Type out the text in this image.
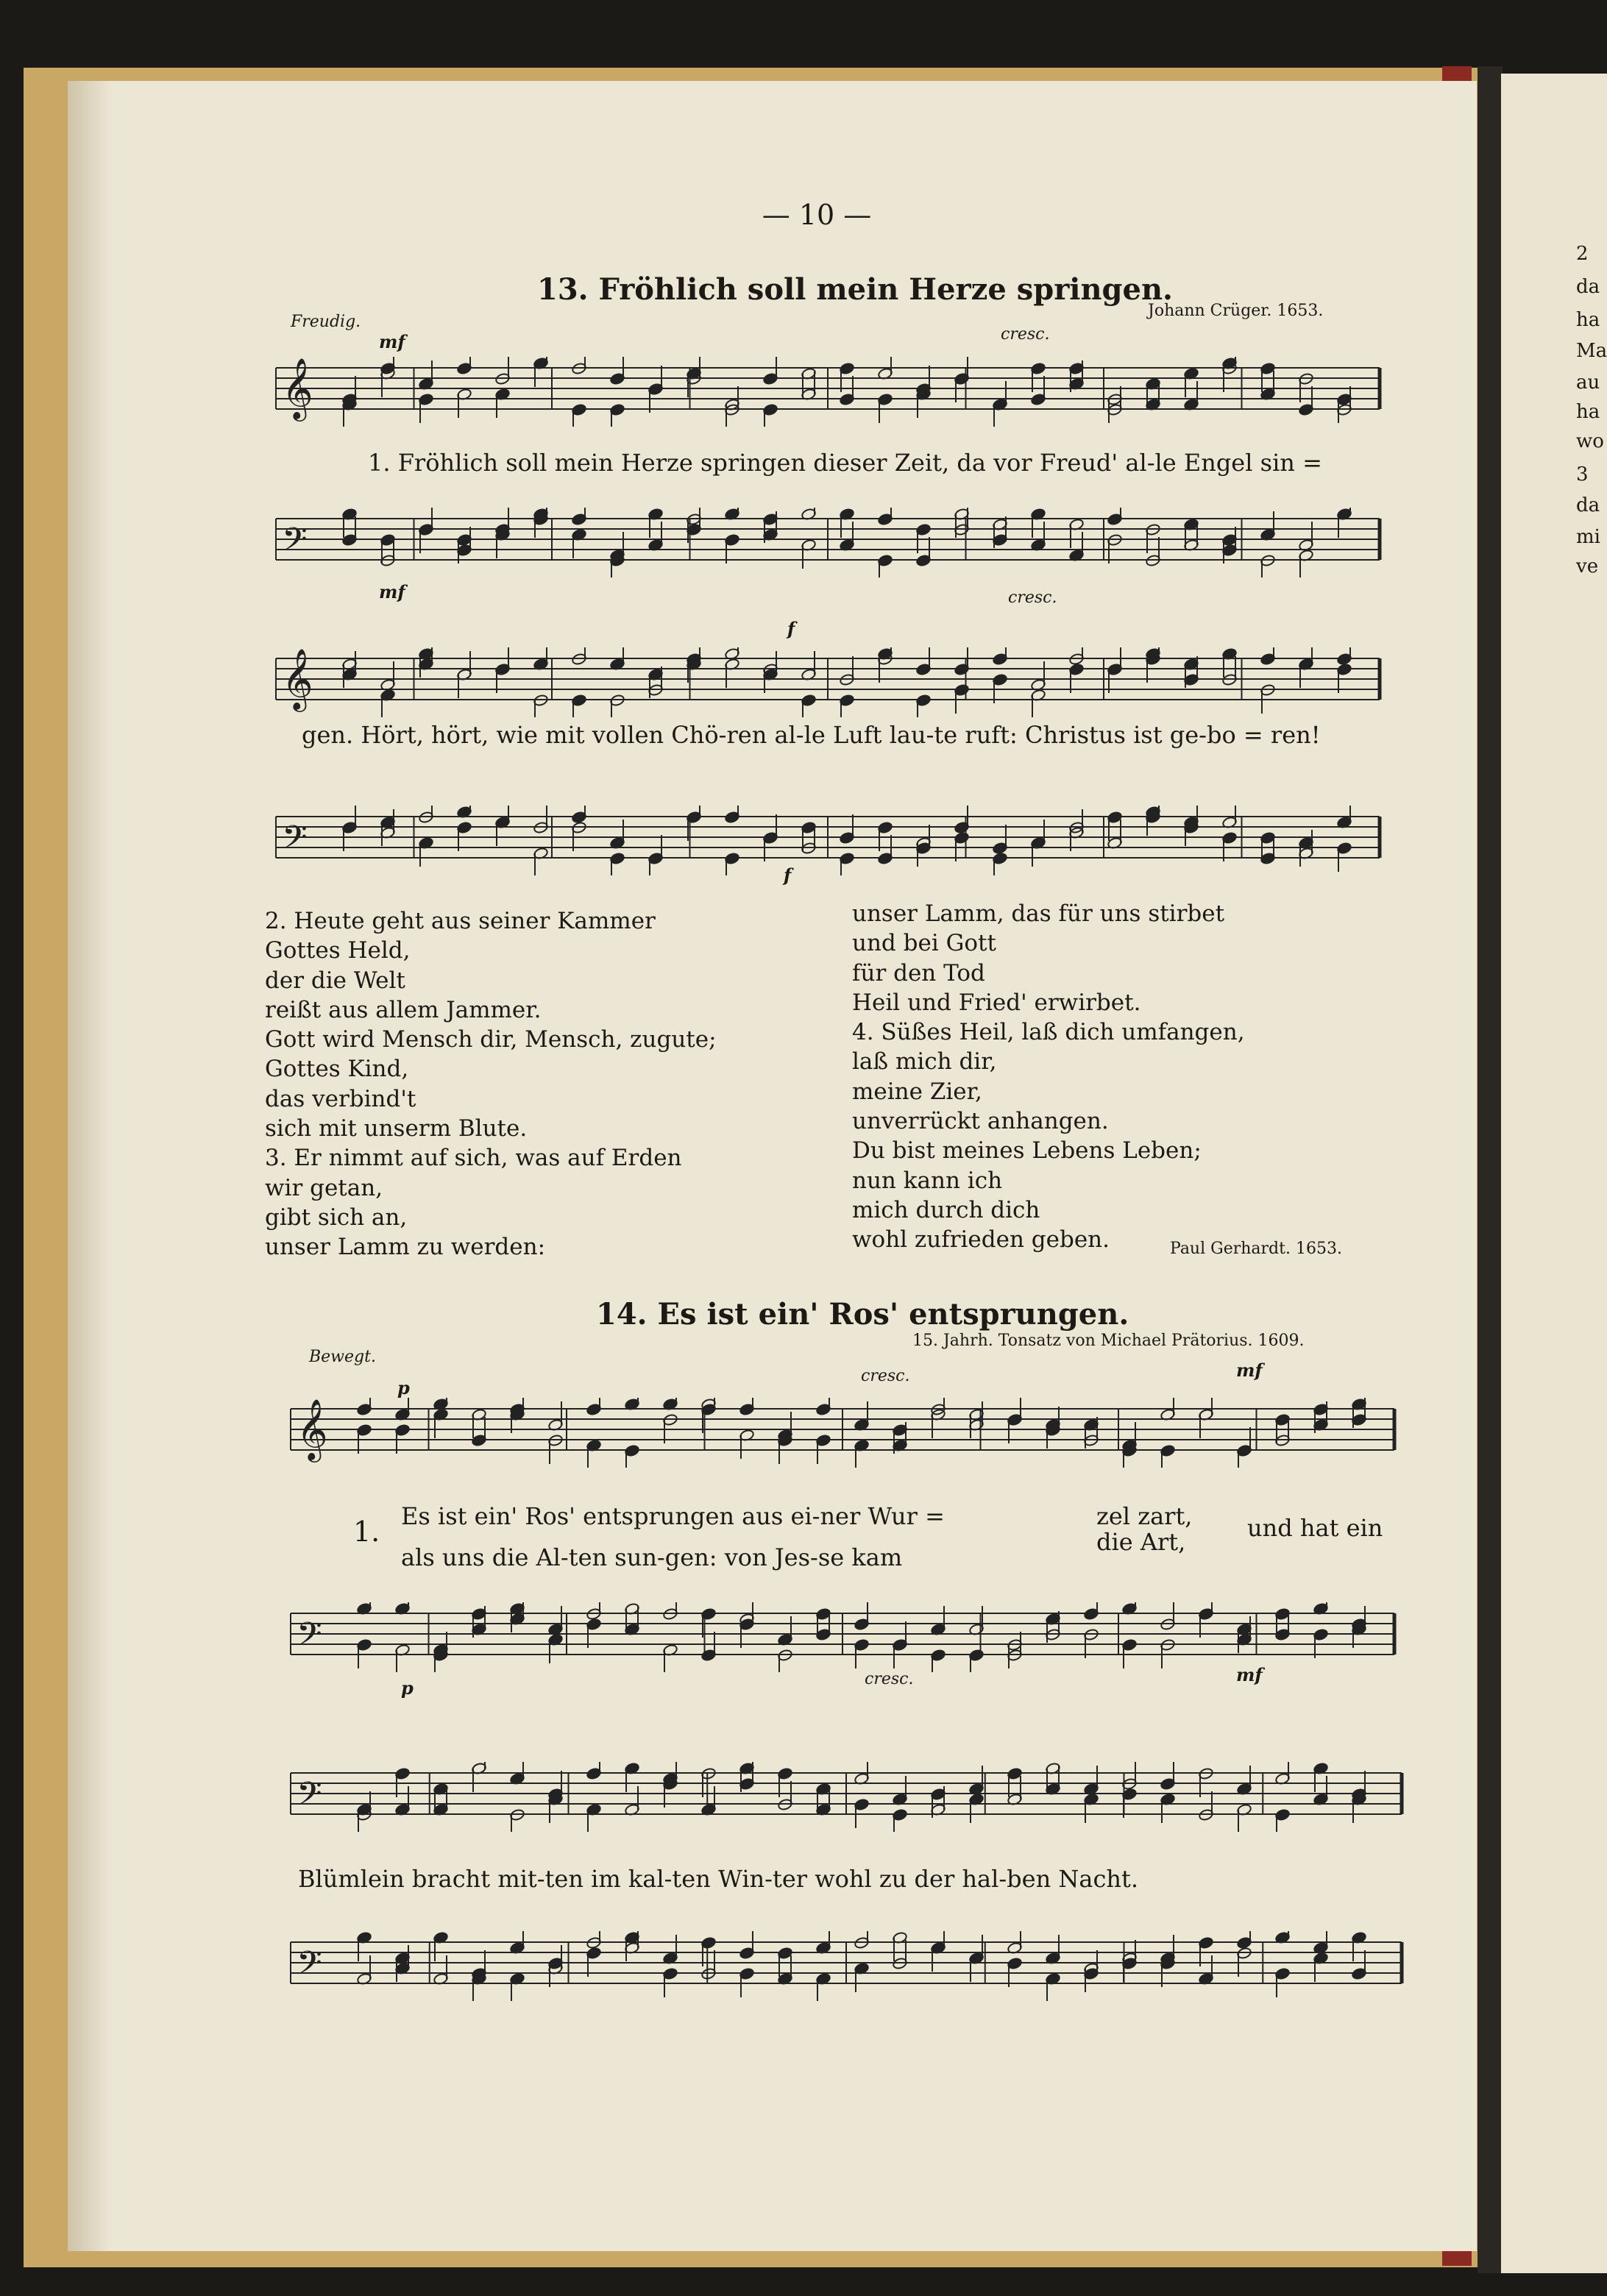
2
da
ha
Ma
au
ha
wo
3
da
mi
ve
— 10 —
13. Fröhlich soll mein Herze springen.
Freudig.
Johann Crüger. 1653.
mf	cresc.
𝄞
1. Fröhlich soll mein Herze springen dieser Zeit, da vor Freud' al-le Engel sin =
𝄢
mf	cresc.
f
𝄞
gen. Hört, hört, wie mit vollen Chö-ren al-le Luft lau-te ruft: Christus ist ge-bo = ren!
𝄢
f
2. Heute geht aus seiner Kammer
Gottes Held,
der die Welt
reißt aus allem Jammer.
Gott wird Mensch dir, Mensch, zugute;
Gottes Kind,
das verbind't
sich mit unserm Blute.
3. Er nimmt auf sich, was auf Erden
wir getan,
gibt sich an,
unser Lamm zu werden:
unser Lamm, das für uns stirbet
und bei Gott
für den Tod
Heil und Fried' erwirbet.
4. Süßes Heil, laß dich umfangen,
laß mich dir,
meine Zier,
unverrückt anhangen.
Du bist meines Lebens Leben;
nun kann ich
mich durch dich
wohl zufrieden geben.	Paul Gerhardt. 1653.
14. Es ist ein' Ros' entsprungen.
15. Jahrh. Tonsatz von Michael Prätorius. 1609.
Bewegt.
p
cresc.	mf
𝄞
1. Es ist ein' Ros' entsprungen aus ei-ner Wur =
als uns die Al-ten sun-gen: von Jes-se kam
zel zart,
die Art,	und hat ein
𝄢
p	cresc.	mf
𝄢
Blümlein bracht mit-ten im kal-ten Win-ter wohl zu der hal-ben Nacht.
𝄢
